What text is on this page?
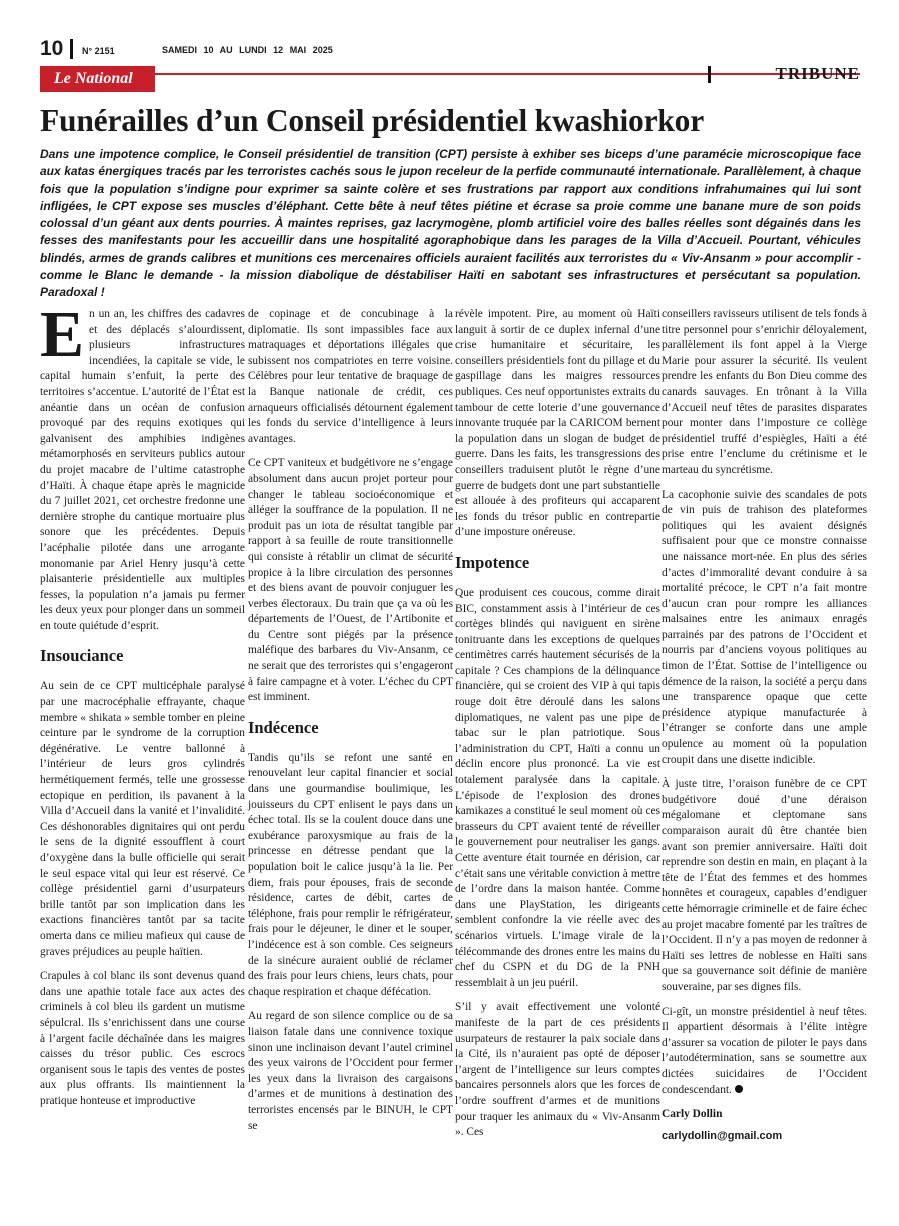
10 N° 2151	SAMEDI 10 AU LUNDI 12 MAI 2025
Le National	TRIBUNE
Funérailles d’un Conseil présidentiel kwashiorkor

Dans une impotence complice, le Conseil présidentiel de transition (CPT) persiste à exhiber ses biceps d’une paramécie microscopique face aux katas énergiques tracés par les terroristes cachés sous le jupon receleur de la perfide communauté internationale. Parallèlement, à chaque fois que la population s’indigne pour exprimer sa sainte colère et ses frustrations par rapport aux conditions infrahumaines qui lui sont infligées, le CPT expose ses muscles d’éléphant. Cette bête à neuf têtes piétine et écrase sa proie comme une banane mure de son poids colossal d’un géant aux dents pourries. À maintes reprises, gaz lacrymogène, plomb artificiel voire des balles réelles sont dégainés dans les fesses des manifestants pour les accueillir dans une hospitalité agoraphobique dans les parages de la Villa d’Accueil. Pourtant, véhicules blindés, armes de grands calibres et munitions ces mercenaires officiels auraient facilités aux terroristes du « Viv-Ansanm » pour accomplir - comme le Blanc le demande - la mission diabolique de déstabiliser Haïti en sabotant ses infrastructures et persécutant sa population. Paradoxal !

En un an, les chiffres des cadavres et des déplacés s’alourdissent, plusieurs infrastructures incendiées, la capitale se vide, le capital humain s’enfuit, la perte des territoires s’accentue. L’autorité de l’État est anéantie dans un océan de confusion provoqué par des requins exotiques qui galvanisent des amphibies indigènes métamorphosés en serviteurs publics autour du projet macabre de l’ultime catastrophe d’Haïti. À chaque étape après le magnicide du 7 juillet 2021, cet orchestre fredonne une dernière strophe du cantique mortuaire plus sonore que les précédentes. Depuis l’acéphalie pilotée dans une arrogante monomanie par Ariel Henry jusqu’à cette plaisanterie présidentielle aux multiples fesses, la population n’a jamais pu fermer les deux yeux pour plonger dans un sommeil en toute quiétude d’esprit.

Insouciance

Au sein de ce CPT multicéphale paralysé par une macrocéphalie effrayante, chaque membre « shikata » semble tomber en pleine ceinture par le syndrome de la corruption dégénérative. Le ventre ballonné à l’intérieur de leurs gros cylindrés hermétiquement fermés, telle une grossesse ectopique en perdition, ils pavanent à la Villa d’Accueil dans la vanité et l’invalidité. Ces déshonorables dignitaires qui ont perdu le sens de la dignité essoufflent à court d’oxygène dans la bulle officielle qui serait le seul espace vital qui leur est réservé. Ce collège présidentiel garni d’usurpateurs brille tantôt par son implication dans les exactions financières tantôt par sa tacite omerta dans ce milieu mafieux qui cause de graves préjudices au peuple haïtien.

Crapules à col blanc ils sont devenus quand dans une apathie totale face aux actes des criminels à col bleu ils gardent un mutisme sépulcral. Ils s’enrichissent dans une course à l’argent facile déchaînée dans les maigres caisses du trésor public. Ces escrocs organisent sous le tapis des ventes de postes aux plus offrants. Ils maintiennent la pratique honteuse et improductive

de copinage et de concubinage à la diplomatie. Ils sont impassibles face aux matraquages et déportations illégales que subissent nos compatriotes en terre voisine. Célèbres pour leur tentative de braquage de la Banque nationale de crédit, ces arnaqueurs officialisés détournent également les fonds du service d’intelligence à leurs avantages.

Ce CPT vaniteux et budgétivore ne s’engage absolument dans aucun projet porteur pour changer le tableau socioéconomique et alléger la souffrance de la population. Il ne produit pas un iota de résultat tangible par rapport à sa feuille de route transitionnelle qui consiste à rétablir un climat de sécurité propice à la libre circulation des personnes et des biens avant de pouvoir conjuguer les verbes électoraux. Du train que ça va où les départements de l’Ouest, de l’Artibonite et du Centre sont piégés par la présence maléfique des barbares du Viv-Ansanm, ce ne serait que des terroristes qui s’engageront à faire campagne et à voter. L’échec du CPT est imminent.

Indécence

Tandis qu’ils se refont une santé en renouvelant leur capital financier et social dans une gourmandise boulimique, les jouisseurs du CPT enlisent le pays dans un échec total. Ils se la coulent douce dans une exubérance paroxysmique au frais de la princesse en détresse pendant que la population boit le calice jusqu’à la lie. Per diem, frais pour épouses, frais de seconde résidence, cartes de débit, cartes de téléphone, frais pour remplir le réfrigérateur, frais pour le déjeuner, le diner et le souper, l’indécence est à son comble. Ces seigneurs de la sinécure auraient oublié de réclamer des frais pour leurs chiens, leurs chats, pour chaque respiration et chaque défécation.

Au regard de son silence complice ou de sa liaison fatale dans une connivence toxique sinon une inclinaison devant l’autel criminel des yeux vairons de l’Occident pour fermer les yeux dans la livraison des cargaisons d’armes et de munitions à destination des terroristes encensés par le BINUH, le CPT se

révèle impotent. Pire, au moment où Haïti languit à sortir de ce duplex infernal d’une crise humanitaire et sécuritaire, les conseillers présidentiels font du pillage et du gaspillage dans les maigres ressources publiques. Ces neuf opportunistes extraits du tambour de cette loterie d’une gouvernance innovante truquée par la CARICOM bernent la population dans un slogan de budget de guerre. Dans les faits, les transgressions des conseillers traduisent plutôt le règne d’une guerre de budgets dont une part substantielle est allouée à des profiteurs qui accaparent les fonds du trésor public en contrepartie d’une imposture onéreuse.

Impotence

Que produisent ces coucous, comme dirait BIC, constamment assis à l’intérieur de ces cortèges blindés qui naviguent en sirène tonitruante dans les exceptions de quelques centimètres carrés hautement sécurisés de la capitale ? Ces champions de la délinquance financière, qui se croient des VIP à qui tapis rouge doit être déroulé dans les salons diplomatiques, ne valent pas une pipe de tabac sur le plan patriotique. Sous l’administration du CPT, Haïti a connu un déclin encore plus prononcé. La vie est totalement paralysée dans la capitale. L’épisode de l’explosion des drones kamikazes a constitué le seul moment où ces brasseurs du CPT avaient tenté de réveiller le gouvernement pour neutraliser les gangs. Cette aventure était tournée en dérision, car c’était sans une véritable conviction à mettre de l’ordre dans la maison hantée. Comme dans une PlayStation, les dirigeants semblent confondre la vie réelle avec des scénarios virtuels. L’image virale de la télécommande des drones entre les mains du chef du CSPN et du DG de la PNH ressemblait à un jeu puéril.

S’il y avait effectivement une volonté manifeste de la part de ces présidents usurpateurs de restaurer la paix sociale dans la Cité, ils n’auraient pas opté de déposer l’argent de l’intelligence sur leurs comptes bancaires personnels alors que les forces de l’ordre souffrent d’armes et de munitions pour traquer les animaux du « Viv-Ansanm ». Ces

conseillers ravisseurs utilisent de tels fonds à titre personnel pour s’enrichir déloyalement, parallèlement ils font appel à la Vierge Marie pour assurer la sécurité. Ils veulent prendre les enfants du Bon Dieu comme des canards sauvages. En trônant à la Villa d’Accueil neuf têtes de parasites disparates pour monter dans l’imposture ce collège présidentiel truffé d’espiègles, Haïti a été prise entre l’enclume du crétinisme et le marteau du syncrétisme.

La cacophonie suivie des scandales de pots de vin puis de trahison des plateformes politiques qui les avaient désignés suffisaient pour que ce monstre connaisse une naissance mort-née. En plus des séries d’actes d’immoralité devant conduire à sa mortalité précoce, le CPT n’a fait montre d’aucun cran pour rompre les alliances malsaines entre les animaux enragés parrainés par des patrons de l’Occident et nourris par d’anciens voyous politiques au timon de l’État. Sottise de l’intelligence ou démence de la raison, la société a perçu dans une transparence opaque que cette présidence atypique manufacturée à l’étranger se conforte dans une ample opulence au moment où la population croupit dans une disette indicible.

À juste titre, l’oraison funèbre de ce CPT budgétivore doué d’une déraison mégalomane et cleptomane sans comparaison aurait dû être chantée bien avant son premier anniversaire. Haïti doit reprendre son destin en main, en plaçant à la tête de l’État des femmes et des hommes honnêtes et courageux, capables d’endiguer cette hémorragie criminelle et de faire échec au projet macabre fomenté par les traîtres de l’Occident. Il n’y a pas moyen de redonner à Haïti ses lettres de noblesse en Haïti sans que sa gouvernance soit définie de manière souveraine, par ses dignes fils.

Ci-gît, un monstre présidentiel à neuf têtes. Il appartient désormais à l’élite intègre d’assurer sa vocation de piloter le pays dans l’autodétermination, sans se soumettre aux dictées suicidaires de l’Occident condescendant.

Carly Dollin
carlydollin@gmail.com
